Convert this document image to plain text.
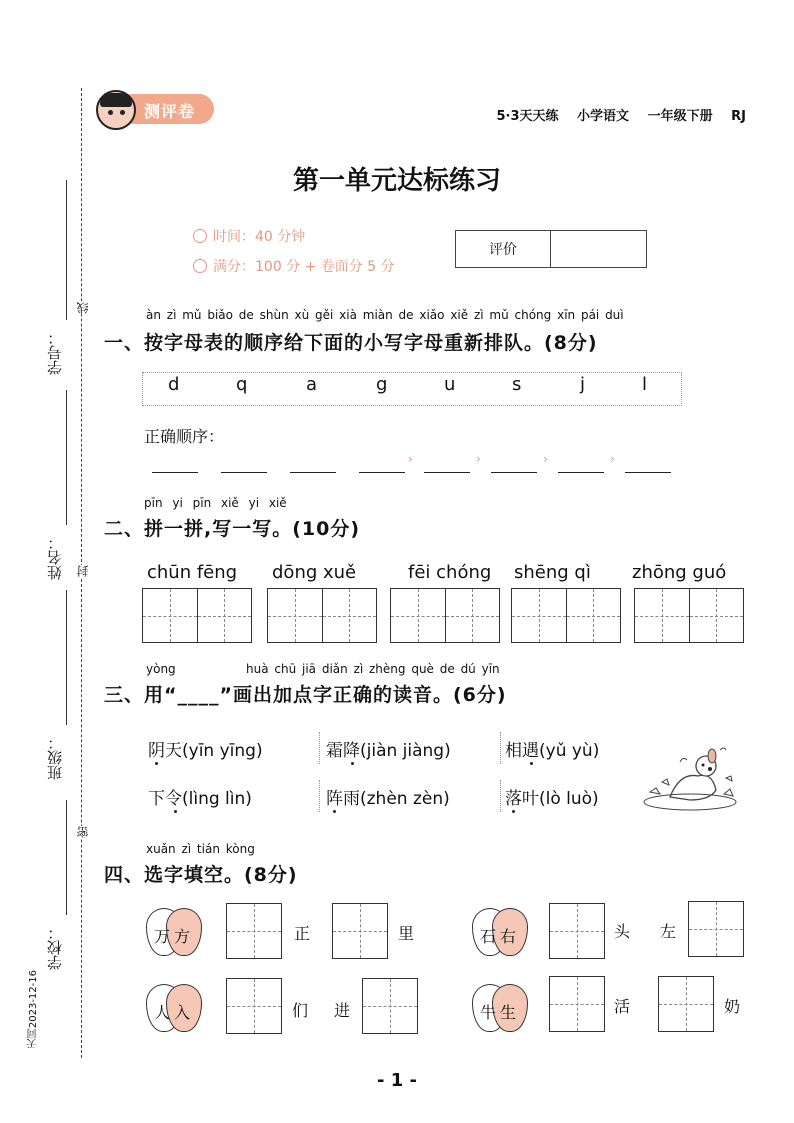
学号：
姓名：
班级：
学校：
线
封
密
天同2023-12-16
测评卷	5·3天天练 小学语文 一年级下册 RJ
第一单元达标练习
时间：40 分钟
满分：100 分 + 卷面分 5 分
评价
àn zì mǔ biǎo de shùn xù gěi xià miàn de xiǎo xiě zì mǔ chóng xīn pái duì
一、按字母表的顺序给下面的小写字母重新排队。(8分)
d	q	a	g	u	s	j	l
正确顺序：
›	›	›	›
pīn yi pīn xiě yi xiě
二、拼一拼,写一写。(10分)
chūn fēng dōng xuě	fēi chóng shēng qì zhōng guó
yòng	huà chū jiā diǎn zì zhèng què de dú yīn
三、用“____”画出加点字正确的读音。(6分)
阴天(yīn yīng)	霜降(jiàn jiàng)	相遇(yǔ yù)
下令(lìng lìn)	阵雨(zhèn zèn)	落叶(lò luò)
xuǎn zì tián kòng
四、选字填空。(8分)
万 方	正	里	石 右	头 左
人 入	们 进	牛 生	活	奶
- 1 -
